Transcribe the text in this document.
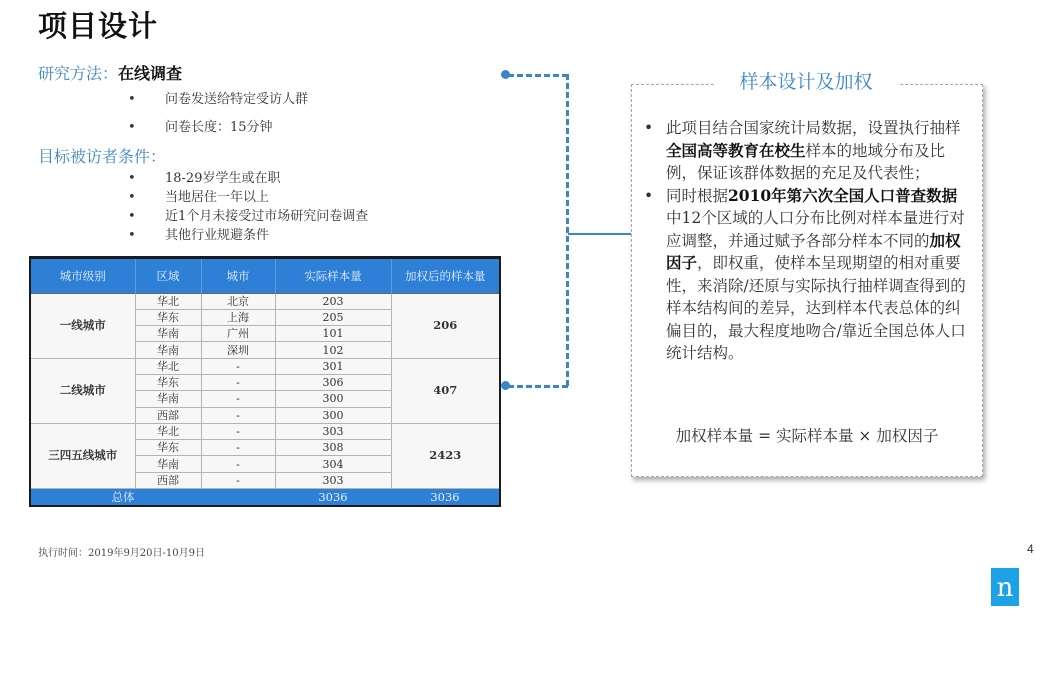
项目设计
研究方法：在线调查
• 问卷发送给特定受访人群
• 问卷长度：15分钟
目标被访者条件：
• 18-29岁学生或在职
• 当地居住一年以上
• 近1个月未接受过市场研究问卷调查
• 其他行业规避条件
城市级别	区域	城市	实际样本量	加权后的样本量
一线城市	华北	北京	203	206
	华东	上海	205	
	华南	广州	101	
	华南	深圳	102	
二线城市	华北	-	301	407
	华东	-	306	
	华南	-	300	
	西部	-	300	
三四五线城市	华北	-	303	2423
	华东	-	308	
	华南	-	304	
	西部	-	303	
总体			3036	3036
样本设计及加权
• 此项目结合国家统计局数据，设置执行抽样全国高等教育在校生样本的地域分布及比例，保证该群体数据的充足及代表性；
• 同时根据2010年第六次全国人口普查数据中12个区域的人口分布比例对样本量进行对应调整，并通过赋予各部分样本不同的加权因子，即权重，使样本呈现期望的相对重要性，来消除/还原与实际执行抽样调查得到的样本结构间的差异，达到样本代表总体的纠偏目的，最大程度地吻合/靠近全国总体人口统计结构。
加权样本量 = 实际样本量 × 加权因子
执行时间：2019年9月20日-10月9日	4
n
